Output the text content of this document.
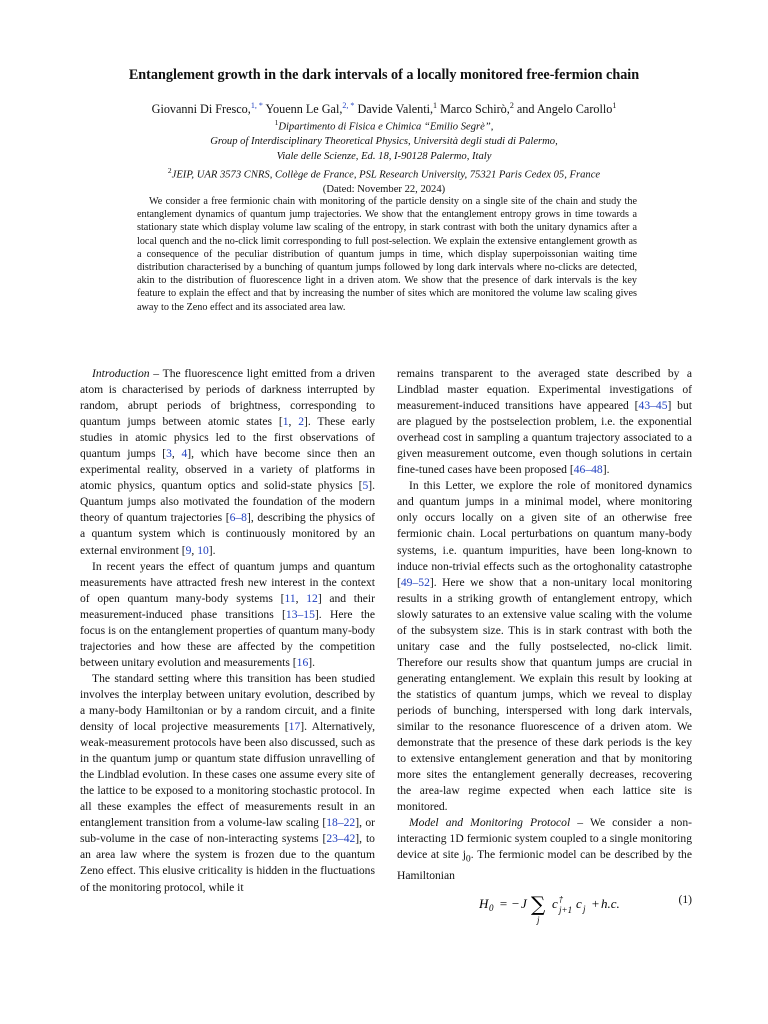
Entanglement growth in the dark intervals of a locally monitored free-fermion chain
Giovanni Di Fresco,$^{1, *}$ Youenn Le Gal,$^{2, *}$ Davide Valenti,$^1$ Marco Schirò,$^2$ and Angelo Carollo$^1$
$^1$Dipartimento di Fisica e Chimica “Emilio Segrè”,
Group of Interdisciplinary Theoretical Physics, Università degli studi di Palermo,
Viale delle Scienze, Ed. 18, I-90128 Palermo, Italy
$^2$JEIP, UAR 3573 CNRS, Collège de France, PSL Research University, 75321 Paris Cedex 05, France
(Dated: November 22, 2024)

We consider a free fermionic chain with monitoring of the particle density on a single site of the chain and study the entanglement dynamics of quantum jump trajectories. We show that the entanglement entropy grows in time towards a stationary state which display volume law scaling of the entropy, in stark contrast with both the unitary dynamics after a local quench and the no-click limit corresponding to full post-selection. We explain the extensive entanglement growth as a consequence of the peculiar distribution of quantum jumps in time, which display superpoissonian waiting time distribution characterised by a bunching of quantum jumps followed by long dark intervals where no-clicks are detected, akin to the distribution of fluorescence light in a driven atom. We show that the presence of dark intervals is the key feature to explain the effect and that by increasing the number of sites which are monitored the volume law scaling gives away to the Zeno effect and its associated area law.

Introduction – The fluorescence light emitted from a driven atom is characterised by periods of darkness interrupted by random, abrupt periods of brightness, corresponding to quantum jumps between atomic states [1, 2]. These early studies in atomic physics led to the first observations of quantum jumps [3, 4], which have become since then an experimental reality, observed in a variety of platforms in atomic physics, quantum optics and solid-state physics [5]. Quantum jumps also motivated the foundation of the modern theory of quantum trajectories [6–8], describing the physics of a quantum system which is continuously monitored by an external environment [9, 10].

In recent years the effect of quantum jumps and quantum measurements have attracted fresh new interest in the context of open quantum many-body systems [11, 12] and their measurement-induced phase transitions [13–15]. Here the focus is on the entanglement properties of quantum many-body trajectories and how these are affected by the competition between unitary evolution and measurements [16].

The standard setting where this transition has been studied involves the interplay between unitary evolution, described by a many-body Hamiltonian or by a random circuit, and a finite density of local projective measurements [17]. Alternatively, weak-measurement protocols have been also discussed, such as in the quantum jump or quantum state diffusion unravelling of the Lindblad evolution. In these cases one assume every site of the lattice to be exposed to a monitoring stochastic protocol. In all these examples the effect of measurements result in an entanglement transition from a volume-law scaling [18–22], or sub-volume in the case of non-interacting systems [23–42], to an area law where the system is frozen due to the quantum Zeno effect. This elusive criticality is hidden in the fluctuations of the monitoring protocol, while it

remains transparent to the averaged state described by a Lindblad master equation. Experimental investigations of measurement-induced transitions have appeared [43–45] but are plagued by the postselection problem, i.e. the exponential overhead cost in sampling a quantum trajectory associated to a given measurement outcome, even though solutions in certain fine-tuned cases have been proposed [46–48].

In this Letter, we explore the role of monitored dynamics and quantum jumps in a minimal model, where monitoring only occurs locally on a given site of an otherwise free fermionic chain. Local perturbations on quantum many-body systems, i.e. quantum impurities, have been long-known to induce non-trivial effects such as the ortoghonality catastrophe [49–52]. Here we show that a non-unitary local monitoring results in a striking growth of entanglement entropy, which slowly saturates to an extensive value scaling with the volume of the subsystem size. This is in stark contrast with both the unitary case and the fully postselected, no-click limit. Therefore our results show that quantum jumps are crucial in generating entanglement. We explain this result by looking at the statistics of quantum jumps, which we reveal to display periods of bunching, interspersed with long dark intervals, similar to the resonance fluorescence of a driven atom. We demonstrate that the presence of these dark periods is the key to extensive entanglement generation and that by monitoring more sites the entanglement generally decreases, recovering the area-law regime expected when each lattice site is monitored.

Model and Monitoring Protocol – We consider a non-interacting 1D fermionic system coupled to a single monitoring device at site $j_0$. The fermionic model can be described by the Hamiltonian

H 0 = − J ∑
j
c †
j+1 c j + h.c.	(1)
